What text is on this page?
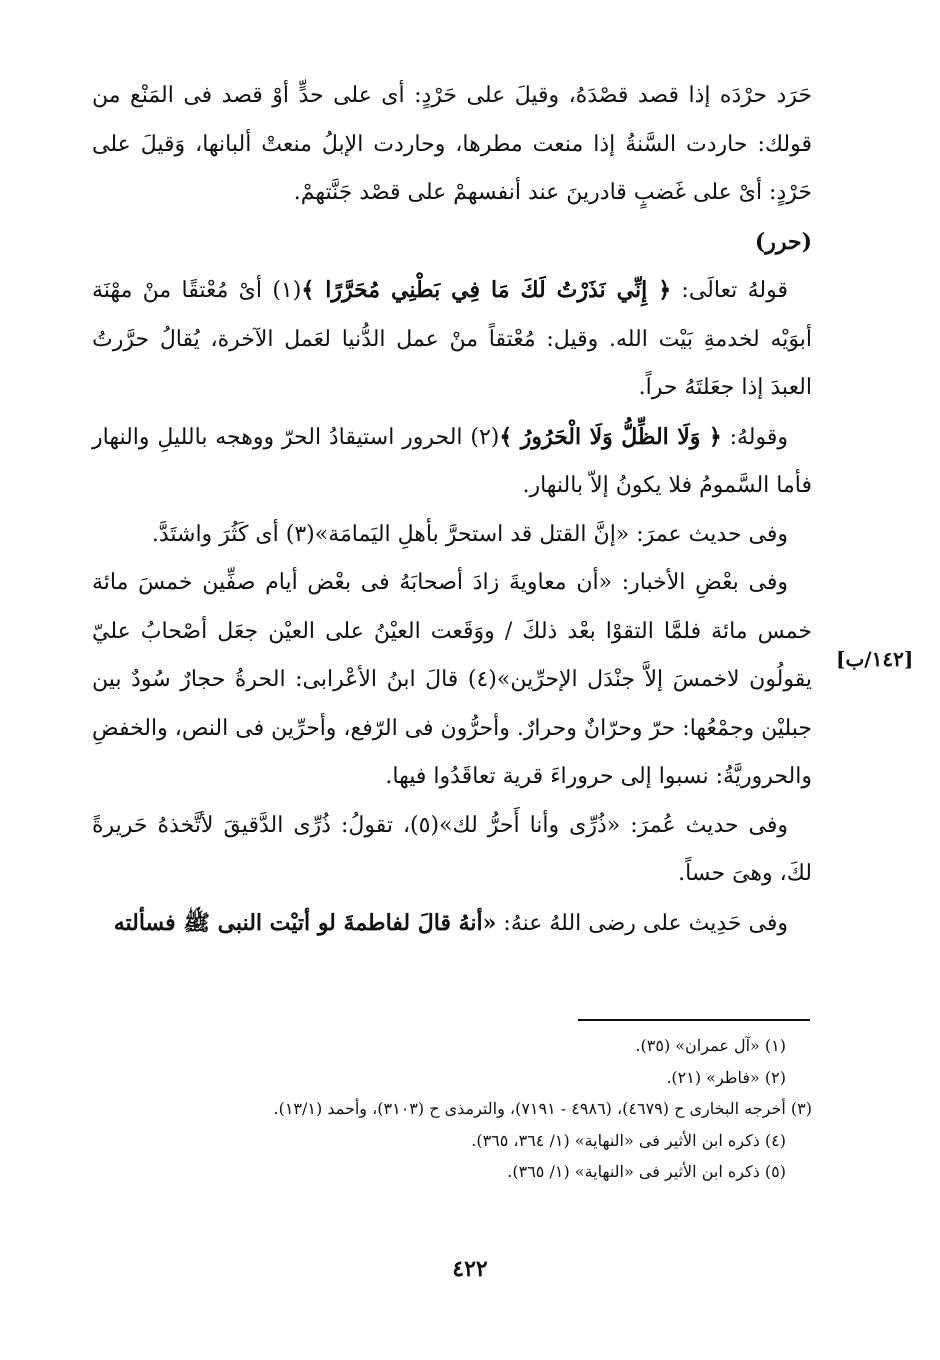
حَرَد حرْدَه إذا قصد قصْدَهُ، وقيلَ على حَرْدٍ: أى على حدٍّ أوْ قصد فى المَنْع من قولك: حاردت السَّنةُ إذا منعت مطرها، وحاردت الإبلُ منعتْ ألبانها، وَقيلَ على حَرْدٍ: أىْ على غَضبٍ قادرينَ عند أنفسهمْ على قصْد جَنَّتهمْ.

(حرر)

قولهُ تعالَى: ﴿ إِنِّي نَذَرْتُ لَكَ مَا فِي بَطْنِي مُحَرَّرًا ﴾(١) أىْ مُعْتقًا منْ مهْنَة أبوَيْه لخدمةِ بَيْت الله. وقيل: مُعْتقاً منْ عمل الدُّنيا لعَمل الآخرة، يُقالُ حرَّرتُ العبدَ إذا جعَلتَهُ حراً.

وقولهُ: ﴿ وَلَا الظِّلُّ وَلَا الْحَرُورُ ﴾(٢) الحرور استيقادُ الحرّ ووهجه بالليلِ والنهار فأما السَّمومُ فلا يكونُ إلاّ بالنهار.

وفى حديث عمرَ: «إنَّ القتل قد استحرَّ بأهلِ اليَمامَة»(٣) أى كَثُرَ واشتَدَّ.

وفى بعْضِ الأخبار: «أن معاويةَ زادَ أصحابَهُ فى بعْض أيام صفِّين خمسَ مائة خمس مائة فلمَّا التقوْا بعْد ذلكَ / ووَقَعت العيْنُ على العيْن جعَل أصْحابُ عليّ يقولُون لاخمسَ إلاَّ جنْدَل الإحرِّين»(٤) قالَ ابنُ الأعْرابى: الحرةُ حجارٌ سُودٌ بين جبليْن وجمْعُها: حرّ وحرّانٌ وحرارٌ. وأحرُّون فى الرّفع، وأحرِّين فى النص، والخفضِ والحروريَّةُ: نسبوا إلى حروراءَ قرية تعاقَدُوا فيها.

وفى حديث عُمرَ: «ذُرِّى وأنا أَحرُّ لك»(٥)، تقولُ: ذُرِّى الدَّقيقَ لأتَّخذهُ حَريرةً لكَ، وهىَ حساً.

وفى حَدِيث على رضى اللهُ عنهُ: «أنهُ قالَ لفاطمةَ لو أتيْت النبى ﷺ فسألته

[١٤٢/ب]

(١) «آل عمران» (٣٥).

(٢) «فاطر» (٢١).

(٣) أخرجه البخارى ح (٤٦٧٩)، (٤٩٨٦ - ٧١٩١)، والترمذى ح (٣١٠٣)، وأحمد (١٣/١).

(٤) ذكره ابن الأثير فى «النهاية» (١/ ٣٦٤، ٣٦٥).

(٥) ذكره ابن الأثير فى «النهاية» (١/ ٣٦٥).

٤٢٢
